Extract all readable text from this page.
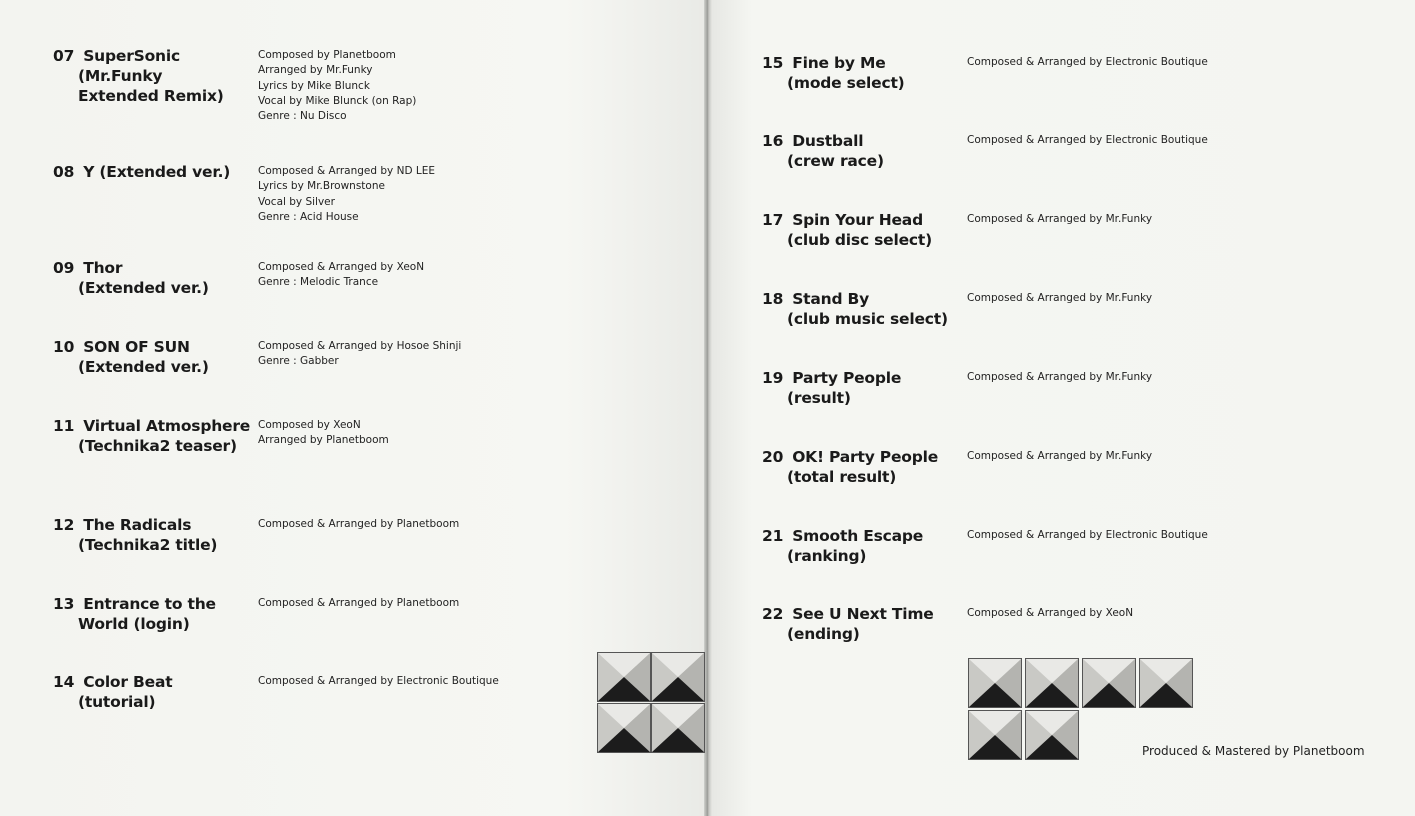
07 SuperSonic
(Mr.Funky
Extended Remix)
Composed by Planetboom
Arranged by Mr.Funky
Lyrics by Mike Blunck
Vocal by Mike Blunck (on Rap)
Genre : Nu Disco
08 Y (Extended ver.)	Composed & Arranged by ND LEE
Lyrics by Mr.Brownstone
Vocal by Silver
Genre : Acid House
09 Thor
(Extended ver.)
Composed & Arranged by XeoN
Genre : Melodic Trance
10 SON OF SUN
(Extended ver.)
Composed & Arranged by Hosoe Shinji
Genre : Gabber
11 Virtual Atmosphere
(Technika2 teaser)
Composed by XeoN
Arranged by Planetboom
12 The Radicals
(Technika2 title)
Composed & Arranged by Planetboom
13 Entrance to the
World (login)
Composed & Arranged by Planetboom
14 Color Beat
(tutorial)
Composed & Arranged by Electronic Boutique
Produced & Mastered by Planetboom
15 Fine by Me
(mode select)
Composed & Arranged by Electronic Boutique
16 Dustball
(crew race)
Composed & Arranged by Electronic Boutique
17 Spin Your Head
(club disc select)
Composed & Arranged by Mr.Funky
18 Stand By
(club music select)
Composed & Arranged by Mr.Funky
19 Party People
(result)
Composed & Arranged by Mr.Funky
20 OK! Party People
(total result)
Composed & Arranged by Mr.Funky
21 Smooth Escape
(ranking)
Composed & Arranged by Electronic Boutique
22 See U Next Time
(ending)
Composed & Arranged by XeoN
